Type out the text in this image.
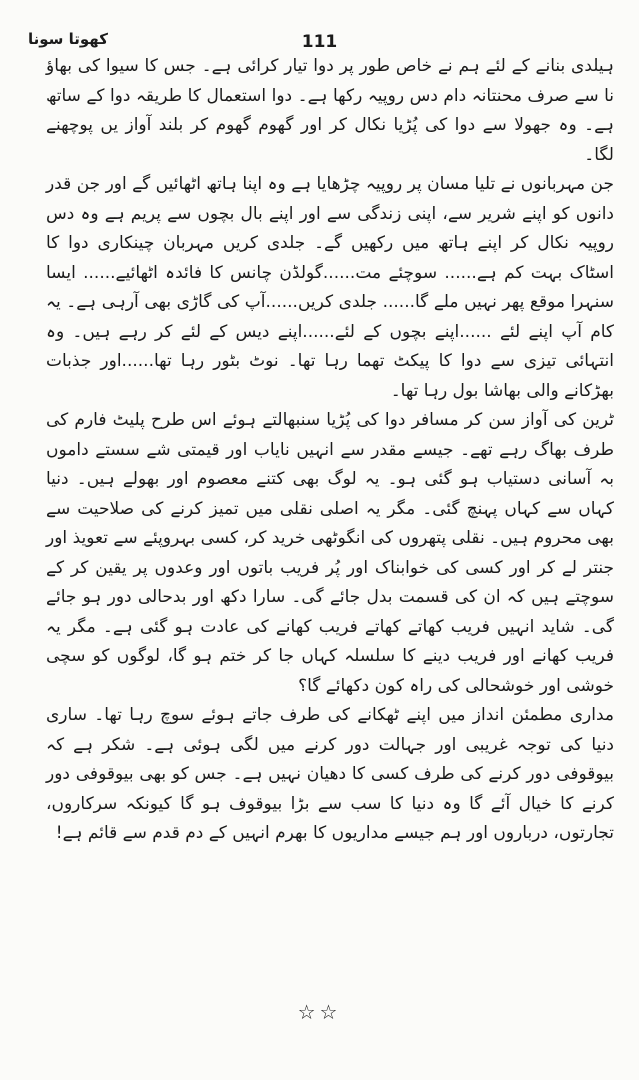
کھوتا سونا	111

ہیلدی بنانے کے لئے ہم نے خاص طور پر دوا تیار کرائی ہے۔ جس کا سیوا کی بھاؤ نا سے صرف محنتانہ دام دس روپیہ رکھا ہے۔ دوا استعمال کا طریقہ دوا کے ساتھ ہے۔ وہ جھولا سے دوا کی پُڑیا نکال کر اور گھوم گھوم کر بلند آواز یں پوچھنے لگا۔

جن مہربانوں نے تلیا مسان پر روپیہ چڑھایا ہے وہ اپنا ہاتھ اٹھائیں گے اور جن قدر دانوں کو اپنے شریر سے، اپنی زندگی سے اور اپنے بال بچوں سے پریم ہے وہ دس روپیہ نکال کر اپنے ہاتھ میں رکھیں گے۔ جلدی کریں مہربان چینکاری دوا کا اسٹاک بہت کم ہے...... سوچئے مت......گولڈن چانس کا فائدہ اٹھائیے...... ایسا سنہرا موقع پھر نہیں ملے گا...... جلدی کریں......آپ کی گاڑی بھی آرہی ہے۔ یہ کام آپ اپنے لئے ......اپنے بچوں کے لئے......اپنے دیس کے لئے کر رہے ہیں۔ وہ انتہائی تیزی سے دوا کا پیکٹ تھما رہا تھا۔ نوٹ بٹور رہا تھا......اور جذبات بھڑکانے والی بھاشا بول رہا تھا۔

ٹرین کی آواز سن کر مسافر دوا کی پُڑیا سنبھالتے ہوئے اس طرح پلیٹ فارم کی طرف بھاگ رہے تھے۔ جیسے مقدر سے انہیں نایاب اور قیمتی شے سستے داموں بہ آسانی دستیاب ہو گئی ہو۔ یہ لوگ بھی کتنے معصوم اور بھولے ہیں۔ دنیا کہاں سے کہاں پہنچ گئی۔ مگر یہ اصلی نقلی میں تمیز کرنے کی صلاحیت سے بھی محروم ہیں۔ نقلی پتھروں کی انگوٹھی خرید کر، کسی بہروپئے سے تعویذ اور جنتر لے کر اور کسی کی خوابناک اور پُر فریب باتوں اور وعدوں پر یقین کر کے سوچتے ہیں کہ ان کی قسمت بدل جائے گی۔ سارا دکھ اور بدحالی دور ہو جائے گی۔ شاید انہیں فریب کھاتے کھاتے فریب کھانے کی عادت ہو گئی ہے۔ مگر یہ فریب کھانے اور فریب دینے کا سلسلہ کہاں جا کر ختم ہو گا، لوگوں کو سچی خوشی اور خوشحالی کی راہ کون دکھائے گا؟

مداری مطمئن انداز میں اپنے ٹھکانے کی طرف جاتے ہوئے سوچ رہا تھا۔ ساری دنیا کی توجہ غریبی اور جہالت دور کرنے میں لگی ہوئی ہے۔ شکر ہے کہ بیوقوفی دور کرنے کی طرف کسی کا دھیان نہیں ہے۔ جس کو بھی بیوقوفی دور کرنے کا خیال آئے گا وہ دنیا کا سب سے بڑا بیوقوف ہو گا کیونکہ سرکاروں، تجارتوں، درباروں اور ہم جیسے مداریوں کا بھرم انہیں کے دم قدم سے قائم ہے!

☆☆
